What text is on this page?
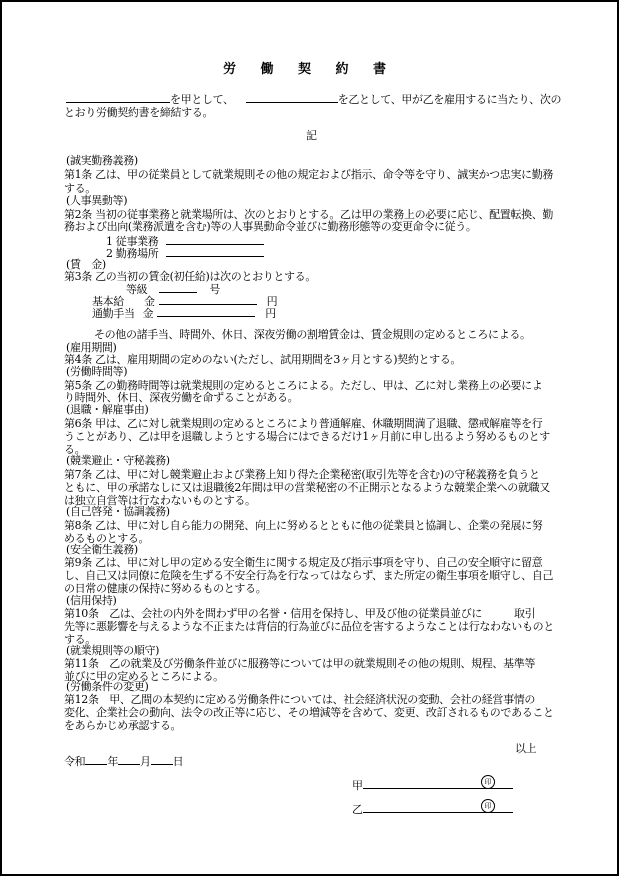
労 働 契 約 書
を甲として、	を乙として、甲が乙を雇用するに当たり、次の
とおり労働契約書を締結する。
記
(誠実勤務義務)
第1条 乙は、甲の従業員として就業規則その他の規定および指示、命令等を守り、誠実かつ忠実に勤務
する。
(人事異動等)
第2条 当初の従事業務と就業場所は、次のとおりとする。乙は甲の業務上の必要に応じ、配置転換、勤
務および出向(業務派遣を含む)等の人事異動命令並びに勤務形態等の変更命令に従う。
1 従事業務
2 勤務場所
(賃　金)
第3条 乙の当初の賃金(初任給)は次のとおりとする。
等級	号
基本給 金	円
通勤手当 金	円
その他の諸手当、時間外、休日、深夜労働の割増賃金は、賃金規則の定めるところによる。
(雇用期間)
第4条 乙は、雇用期間の定めのない(ただし、試用期間を3ヶ月とする)契約とする。
(労働時間等)
第5条 乙の勤務時間等は就業規則の定めるところによる。ただし、甲は、乙に対し業務上の必要によ
り時間外、休日、深夜労働を命ずることがある。
(退職・解雇事由)
第6条 甲は、乙に対し就業規則の定めるところにより普通解雇、休職期間満了退職、懲戒解雇等を行
うことがあり、乙は甲を退職しようとする場合にはできるだけ1ヶ月前に申し出るよう努めるものとす
る。
(競業避止・守秘義務)
第7条 乙は、甲に対し競業避止および業務上知り得た企業秘密(取引先等を含む)の守秘義務を負うと
ともに、甲の承諾なしに又は退職後2年間は甲の営業秘密の不正開示となるような競業企業への就職又
は独立自営等は行なわないものとする。
(自己啓発・協調義務)
第8条 乙は、甲に対し自ら能力の開発、向上に努めるとともに他の従業員と協調し、企業の発展に努
めるものとする。
(安全衛生義務)
第9条 乙は、甲に対し甲の定める安全衛生に関する規定及び指示事項を守り、自己の安全順守に留意
し、自己又は同僚に危険を生ずる不安全行為を行なってはならず、また所定の衛生事項を順守し、自己
の日常の健康の保持に努めるものとする。
(信用保持)
第10条　乙は、会社の内外を問わず甲の名誉・信用を保持し、甲及び他の従業員並びに　　　取引
先等に悪影響を与えるような不正または背信的行為並びに品位を害するようなことは行なわないものと
する。
(就業規則等の順守)
第11条　乙の就業及び労働条件並びに服務等については甲の就業規則その他の規則、規程、基準等
並びに甲の定めるところによる。
(労働条件の変更)
第12条　甲、乙間の本契約に定める労働条件については、社会経済状況の変動、会社の経営事情の
変化、企業社会の動向、法令の改正等に応じ、その増減等を含めて、変更、改訂されるものであること
をあらかじめ承認する。
以上
令和 年 月 日
甲	印
乙	印
